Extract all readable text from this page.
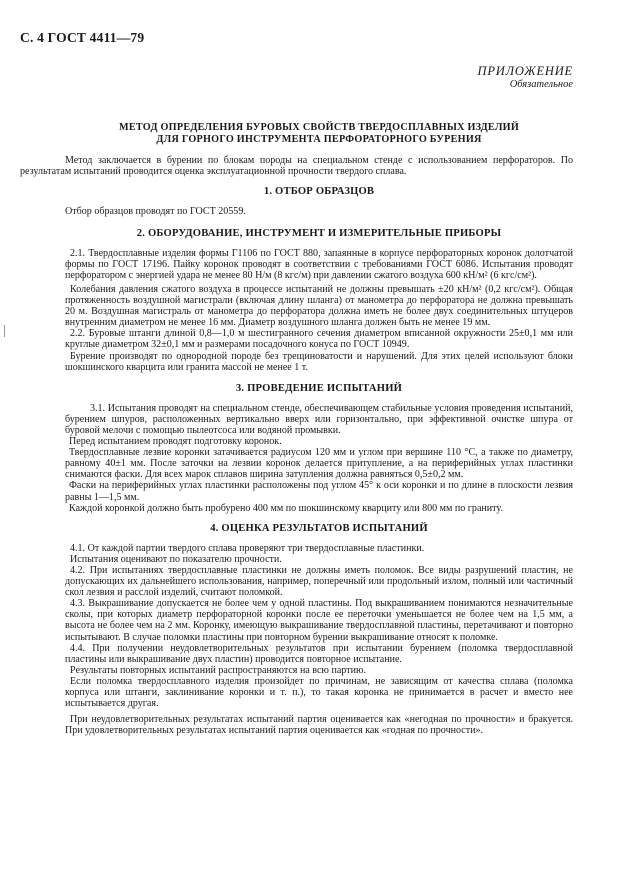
С. 4 ГОСТ 4411—79
ПРИЛОЖЕНИЕ
Обязательное
МЕТОД ОПРЕДЕЛЕНИЯ БУРОВЫХ СВОЙСТВ ТВЕРДОСПЛАВНЫХ ИЗДЕЛИЙ
ДЛЯ ГОРНОГО ИНСТРУМЕНТА ПЕРФОРАТОРНОГО БУРЕНИЯ

Метод заключается в бурении по блокам породы на специальном стенде с использованием перфораторов. По результатам испытаний проводится оценка эксплуатационной прочности твердого сплава.

1. ОТБОР ОБРАЗЦОВ

Отбор образцов проводят по ГОСТ 20559.

2. ОБОРУДОВАНИЕ, ИНСТРУМЕНТ И ИЗМЕРИТЕЛЬНЫЕ ПРИБОРЫ

2.1. Твердосплавные изделия формы Г1106 по ГОСТ 880, запаянные в корпусе перфораторных коронок долотчатой формы по ГОСТ 17196. Пайку коронок проводят в соответствии с требованиями ГОСТ 6086. Испытания проводят перфоратором с энергией удара не менее 80 Н/м (8 кгс/м) при давлении сжатого воздуха 600 кН/м² (6 кгс/см²).

Колебания давления сжатого воздуха в процессе испытаний не должны превышать ±20 кН/м² (0,2 кгс/см²). Общая протяженность воздушной магистрали (включая длину шланга) от манометра до перфоратора не должна превышать 20 м. Воздушная магистраль от манометра до перфоратора должна иметь не более двух соединительных штуцеров внутренним диаметром не менее 16 мм. Диаметр воздушного шланга должен быть не менее 19 мм.

2.2. Буровые штанги длиной 0,8—1,0 м шестигранного сечения диаметром вписанной окружности 25±0,1 мм или круглые диаметром 32±0,1 мм и размерами посадочного конуса по ГОСТ 10949.

Бурение производят по однородной породе без трещиноватости и нарушений. Для этих целей используют блоки шокшинского кварцита или гранита массой не менее 1 т.

3. ПРОВЕДЕНИЕ ИСПЫТАНИЙ

3.1. Испытания проводят на специальном стенде, обеспечивающем стабильные условия проведения испытаний, бурением шпуров, расположенных вертикально вверх или горизонтально, при эффективной очистке шпура от буровой мелочи с помощью пылеотсоса или водяной промывки.

Перед испытанием проводят подготовку коронок.

Твердосплавные лезвие коронки затачивается радиусом 120 мм и углом при вершине 110 °С, а также по диаметру, равному 40±1 мм. После заточки на лезвии коронок делается притупление, а на периферийных углах пластинки снимаются фаски. Для всех марок сплавов ширина затупления должна равняться 0,5±0,2 мм.

Фаски на периферийных углах пластинки расположены под углом 45° к оси коронки и по длине в плоскости лезвия равны 1—1,5 мм.

Каждой коронкой должно быть пробурено 400 мм по шокшинскому кварциту или 800 мм по граниту.

4. ОЦЕНКА РЕЗУЛЬТАТОВ ИСПЫТАНИЙ

4.1. От каждой партии твердого сплава проверяют три твердосплавные пластинки.

Испытания оценивают по показателю прочности.

4.2. При испытаниях твердосплавные пластинки не должны иметь поломок. Все виды разрушений пластин, не допускающих их дальнейшего использования, например, поперечный или продольный излом, полный или частичный скол лезвия и расслой изделий, считают поломкой.

4.3. Выкрашивание допускается не более чем у одной пластины. Под выкрашиванием понимаются незначительные сколы, при которых диаметр перфораторной коронки после ее переточки уменьшается не более чем на 1,5 мм, а высота не более чем на 2 мм. Коронку, имеющую выкрашивание твердосплавной пластины, перетачивают и повторно испытывают. В случае поломки пластины при повторном бурении выкрашивание относят к поломке.

4.4. При получении неудовлетворительных результатов при испытании бурением (поломка твердосплавной пластины или выкрашивание двух пластин) проводится повторное испытание.

Результаты повторных испытаний распространяются на всю партию.

Если поломка твердосплавного изделия произойдет по причинам, не зависящим от качества сплава (поломка корпуса или штанги, заклинивание коронки и т. п.), то такая коронка не принимается в расчет и вместо нее испытывается другая.

При неудовлетворительных результатах испытаний партия оценивается как «негодная по прочности» и бракуется. При удовлетворительных результатах испытаний партия оценивается как «годная по прочности».
